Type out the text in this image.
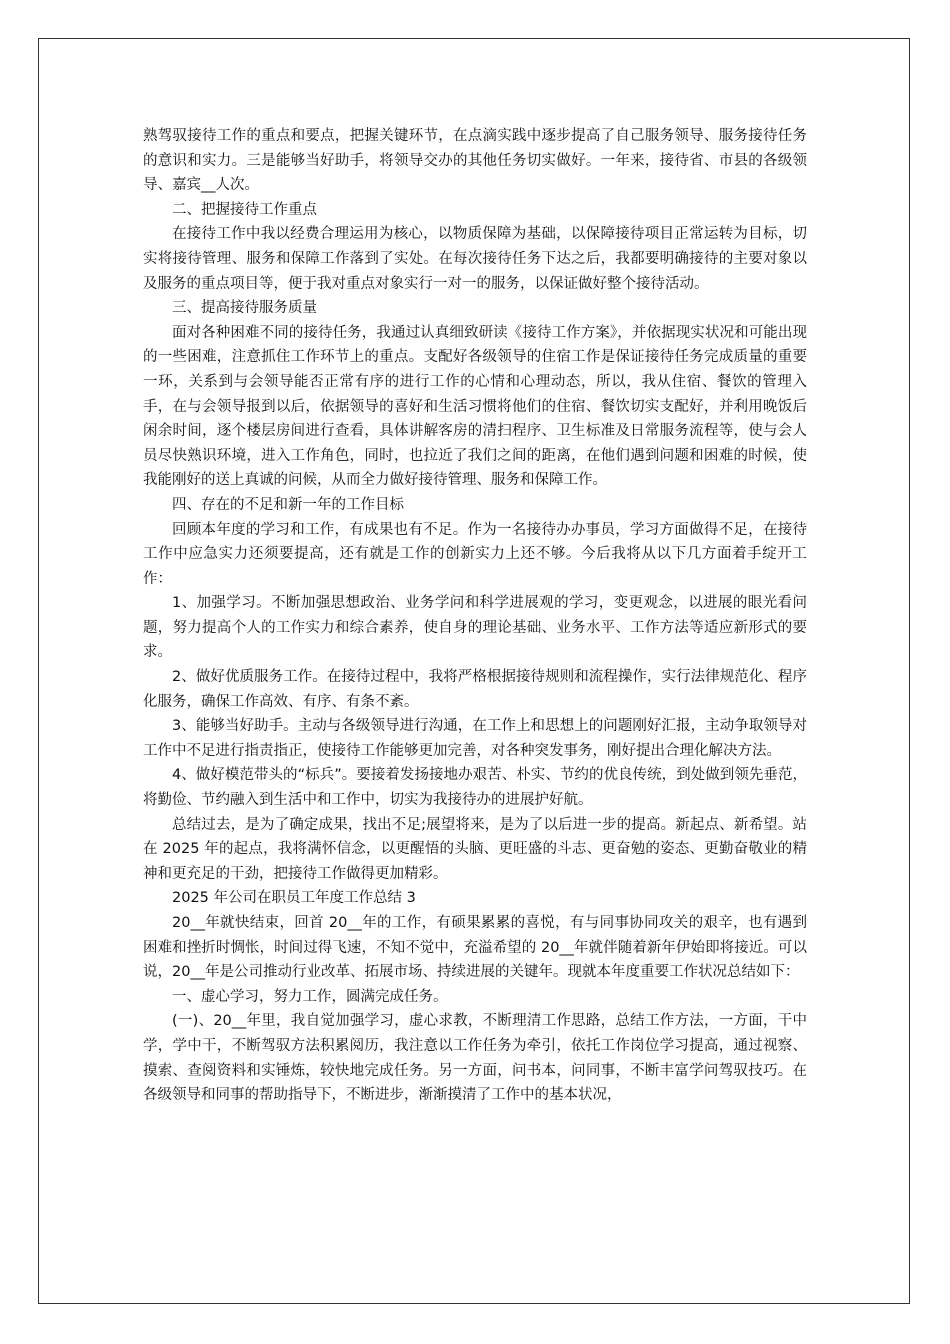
熟驾驭接待工作的重点和要点，把握关键环节，在点滴实践中逐步提高了自己服务领导、服务接待任务的意识和实力。三是能够当好助手，将领导交办的其他任务切实做好。一年来，接待省、市县的各级领导、嘉宾__人次。

二、把握接待工作重点

在接待工作中我以经费合理运用为核心，以物质保障为基础，以保障接待项目正常运转为目标，切实将接待管理、服务和保障工作落到了实处。在每次接待任务下达之后，我都要明确接待的主要对象以及服务的重点项目等，便于我对重点对象实行一对一的服务，以保证做好整个接待活动。

三、提高接待服务质量

面对各种困难不同的接待任务，我通过认真细致研读《接待工作方案》，并依据现实状况和可能出现的一些困难，注意抓住工作环节上的重点。支配好各级领导的住宿工作是保证接待任务完成质量的重要一环，关系到与会领导能否正常有序的进行工作的心情和心理动态，所以，我从住宿、餐饮的管理入手，在与会领导报到以后，依据领导的喜好和生活习惯将他们的住宿、餐饮切实支配好，并利用晚饭后闲余时间，逐个楼层房间进行查看，具体讲解客房的清扫程序、卫生标准及日常服务流程等，使与会人员尽快熟识环境，进入工作角色，同时，也拉近了我们之间的距离，在他们遇到问题和困难的时候，使我能刚好的送上真诚的问候，从而全力做好接待管理、服务和保障工作。

四、存在的不足和新一年的工作目标

回顾本年度的学习和工作，有成果也有不足。作为一名接待办办事员，学习方面做得不足，在接待工作中应急实力还须要提高，还有就是工作的创新实力上还不够。今后我将从以下几方面着手绽开工作：

1、加强学习。不断加强思想政治、业务学问和科学进展观的学习，变更观念，以进展的眼光看问题，努力提高个人的工作实力和综合素养，使自身的理论基础、业务水平、工作方法等适应新形式的要求。

2、做好优质服务工作。在接待过程中，我将严格根据接待规则和流程操作，实行法律规范化、程序化服务，确保工作高效、有序、有条不紊。

3、能够当好助手。主动与各级领导进行沟通，在工作上和思想上的问题刚好汇报，主动争取领导对工作中不足进行指责指正，使接待工作能够更加完善，对各种突发事务，刚好提出合理化解决方法。

4、做好模范带头的“标兵”。要接着发扬接地办艰苦、朴实、节约的优良传统，到处做到领先垂范，将勤俭、节约融入到生活中和工作中，切实为我接待办的进展护好航。

总结过去，是为了确定成果，找出不足;展望将来，是为了以后进一步的提高。新起点、新希望。站在 2025 年的起点，我将满怀信念，以更醒悟的头脑、更旺盛的斗志、更奋勉的姿态、更勤奋敬业的精神和更充足的干劲，把接待工作做得更加精彩。

2025 年公司在职员工年度工作总结 3

20__年就快结束，回首 20__年的工作，有硕果累累的喜悦，有与同事协同攻关的艰辛，也有遇到困难和挫折时惆怅，时间过得飞速，不知不觉中，充溢希望的 20__年就伴随着新年伊始即将接近。可以说，20__年是公司推动行业改革、拓展市场、持续进展的关键年。现就本年度重要工作状况总结如下：

一、虚心学习，努力工作，圆满完成任务。

(一)、20__年里，我自觉加强学习，虚心求教，不断理清工作思路，总结工作方法，一方面，干中学，学中干，不断驾驭方法积累阅历，我注意以工作任务为牵引，依托工作岗位学习提高，通过视察、摸索、查阅资料和实锤炼，较快地完成任务。另一方面，问书本，问同事，不断丰富学问驾驭技巧。在各级领导和同事的帮助指导下，不断进步，渐渐摸清了工作中的基本状况，
